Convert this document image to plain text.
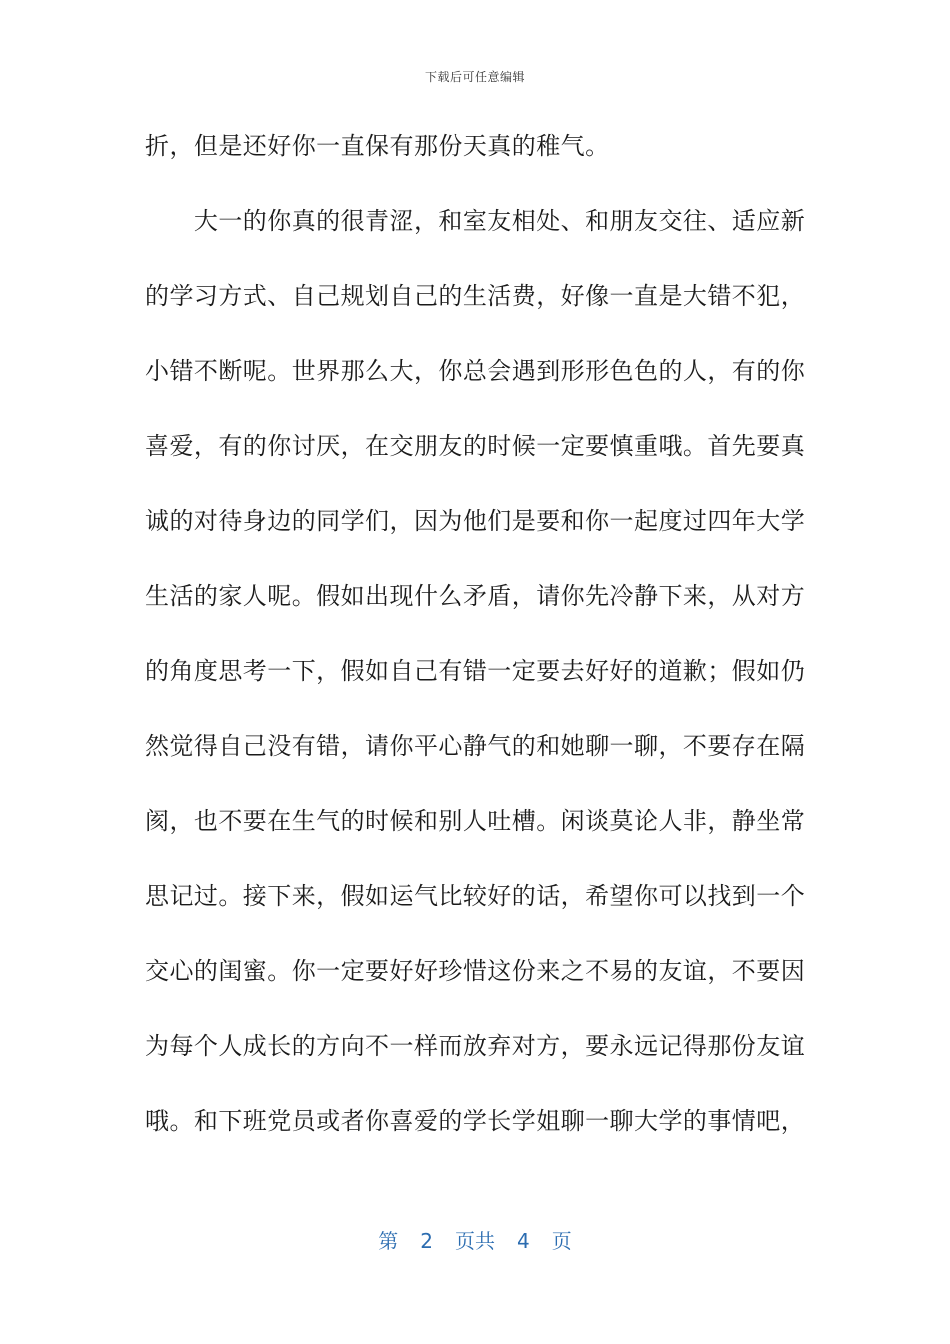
下载后可任意编辑
折，但是还好你一直保有那份天真的稚气。
　　大一的你真的很青涩，和室友相处、和朋友交往、适应新
的学习方式、自己规划自己的生活费，好像一直是大错不犯，
小错不断呢。世界那么大，你总会遇到形形色色的人，有的你
喜爱，有的你讨厌，在交朋友的时候一定要慎重哦。首先要真
诚的对待身边的同学们，因为他们是要和你一起度过四年大学
生活的家人呢。假如出现什么矛盾，请你先冷静下来，从对方
的角度思考一下，假如自己有错一定要去好好的道歉；假如仍
然觉得自己没有错，请你平心静气的和她聊一聊，不要存在隔
阂，也不要在生气的时候和别人吐槽。闲谈莫论人非，静坐常
思记过。接下来，假如运气比较好的话，希望你可以找到一个
交心的闺蜜。你一定要好好珍惜这份来之不易的友谊，不要因
为每个人成长的方向不一样而放弃对方，要永远记得那份友谊
哦。和下班党员或者你喜爱的学长学姐聊一聊大学的事情吧，
第 2 页共 4 页
